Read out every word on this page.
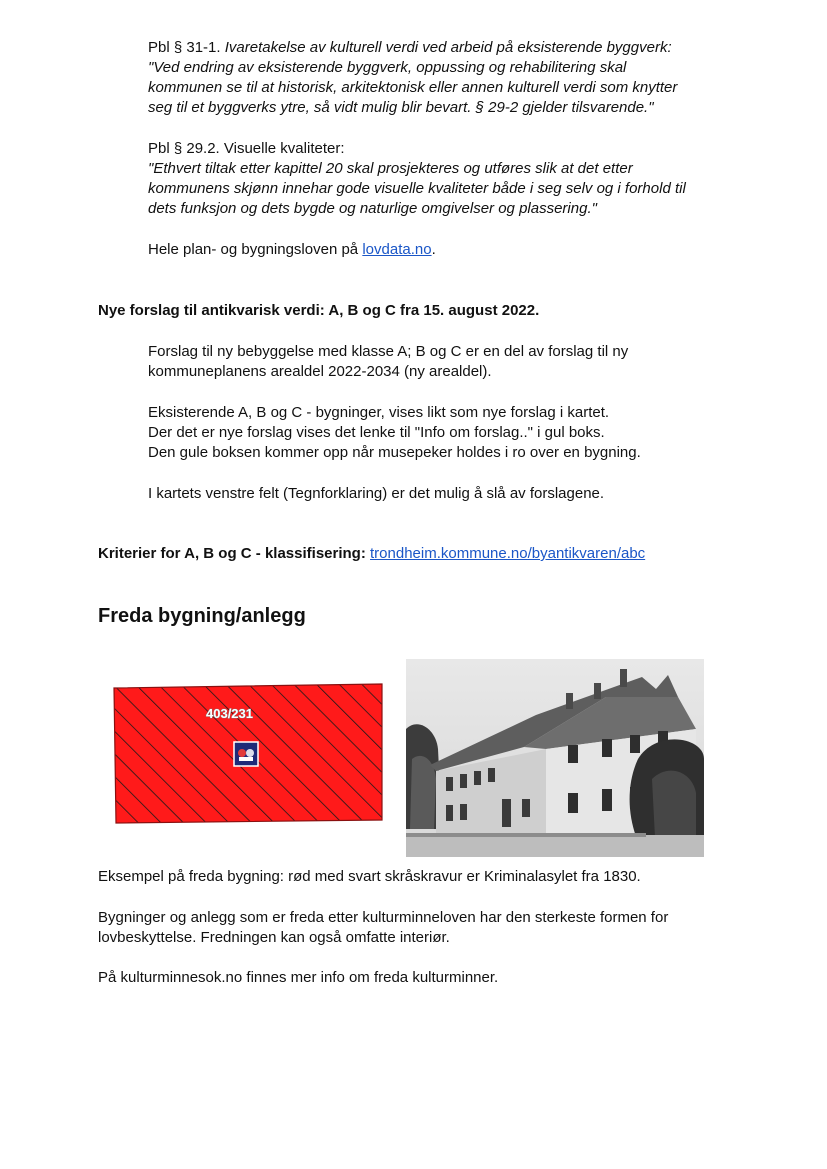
Pbl § 31-1. Ivaretakelse av kulturell verdi ved arbeid på eksisterende byggverk:
"Ved endring av eksisterende byggverk, oppussing og rehabilitering skal
kommunen se til at historisk, arkitektonisk eller annen kulturell verdi som knytter
seg til et byggverks ytre, så vidt mulig blir bevart. § 29-2 gjelder tilsvarende."
Pbl § 29.2. Visuelle kvaliteter:
"Ethvert tiltak etter kapittel 20 skal prosjekteres og utføres slik at det etter
kommunens skjønn innehar gode visuelle kvaliteter både i seg selv og i forhold til
dets funksjon og dets bygde og naturlige omgivelser og plassering."
Hele plan- og bygningsloven på lovdata.no.
Nye forslag til antikvarisk verdi: A, B og C fra 15. august 2022.
Forslag til ny bebyggelse med klasse A; B og C er en del av forslag til ny
kommuneplanens arealdel 2022-2034 (ny arealdel).
Eksisterende A, B og C - bygninger, vises likt som nye forslag i kartet.
Der det er nye forslag vises det lenke til "Info om forslag.." i gul boks.
Den gule boksen kommer opp når musepeker holdes i ro over en bygning.
I kartets venstre felt (Tegnforklaring) er det mulig å slå av forslagene.
Kriterier for A, B og C - klassifisering: trondheim.kommune.no/byantikvaren/abc
Freda bygning/anlegg
403/231
Eksempel på freda bygning: rød med svart skråskravur er Kriminalasylet fra 1830.
Bygninger og anlegg som er freda etter kulturminneloven har den sterkeste formen for
lovbeskyttelse. Fredningen kan også omfatte interiør.
På kulturminnesok.no finnes mer info om freda kulturminner.
